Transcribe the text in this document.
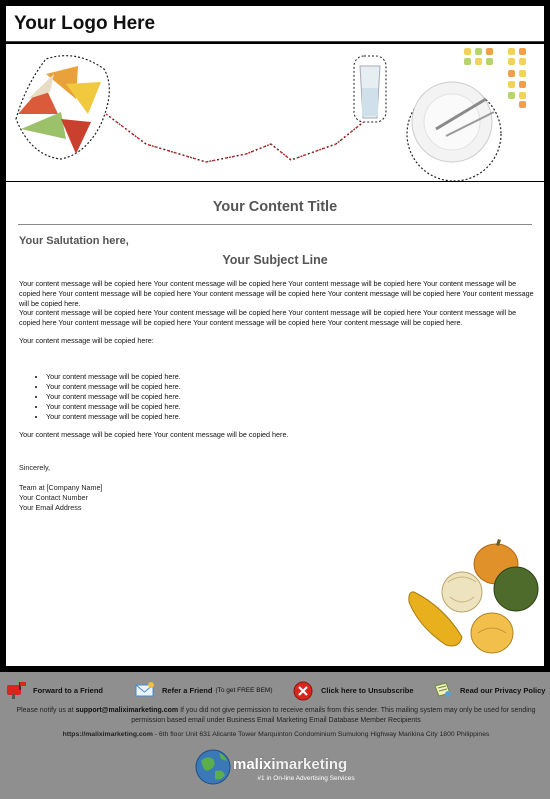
Your Logo Here
Your Content Title
Your Salutation here,
Your Subject Line
Your content message will be copied here Your content message will be copied here Your content message will be copied here Your content message will be copied here Your content message will be copied here Your content message will be copied here Your content message will be copied here Your content message will be copied here.
Your content message will be copied here Your content message will be copied here Your content message will be copied here Your content message will be copied here Your content message will be copied here Your content message will be copied here Your content message will be copied here.
Your content message will be copied here:
• Your content message will be copied here.
• Your content message will be copied here.
• Your content message will be copied here.
• Your content message will be copied here.
• Your content message will be copied here.
Your content message will be copied here Your content message will be copied here.
Sincerely,
Team at [Company Name]
Your Contact Number
Your Email Address
Forward to a Friend	Refer a Friend (To get FREE BEM)	Click here to Unsubscribe	Read our Privacy Policy
Please notify us at support@maliximarketing.com If you did not give permission to receive emails from this sender. This mailing system may only be used for sending permission based email under Business Email Marketing Email Database Member Recipients
https://maliximarketing.com - 6th floor Unit 631 Alicante Tower Marquinton Condominium Sumulong Highway Marikina City 1800 Philippines
maliximarketing
#1 in On-line Advertising Services
